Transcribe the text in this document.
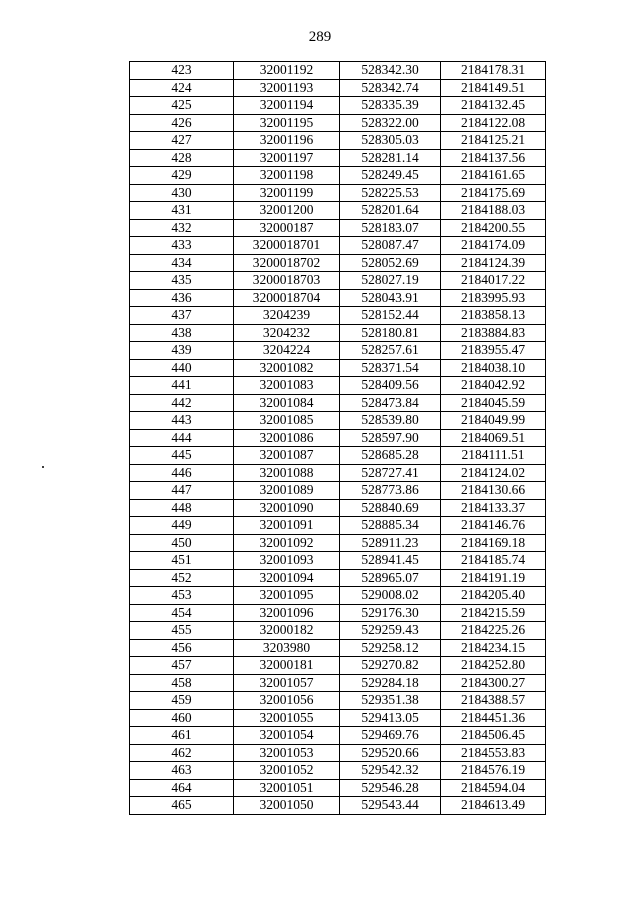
289
423	32001192	528342.30	2184178.31
424	32001193	528342.74	2184149.51
425	32001194	528335.39	2184132.45
426	32001195	528322.00	2184122.08
427	32001196	528305.03	2184125.21
428	32001197	528281.14	2184137.56
429	32001198	528249.45	2184161.65
430	32001199	528225.53	2184175.69
431	32001200	528201.64	2184188.03
432	32000187	528183.07	2184200.55
433	3200018701	528087.47	2184174.09
434	3200018702	528052.69	2184124.39
435	3200018703	528027.19	2184017.22
436	3200018704	528043.91	2183995.93
437	3204239	528152.44	2183858.13
438	3204232	528180.81	2183884.83
439	3204224	528257.61	2183955.47
440	32001082	528371.54	2184038.10
441	32001083	528409.56	2184042.92
442	32001084	528473.84	2184045.59
443	32001085	528539.80	2184049.99
444	32001086	528597.90	2184069.51
445	32001087	528685.28	2184111.51
446	32001088	528727.41	2184124.02
447	32001089	528773.86	2184130.66
448	32001090	528840.69	2184133.37
449	32001091	528885.34	2184146.76
450	32001092	528911.23	2184169.18
451	32001093	528941.45	2184185.74
452	32001094	528965.07	2184191.19
453	32001095	529008.02	2184205.40
454	32001096	529176.30	2184215.59
455	32000182	529259.43	2184225.26
456	3203980	529258.12	2184234.15
457	32000181	529270.82	2184252.80
458	32001057	529284.18	2184300.27
459	32001056	529351.38	2184388.57
460	32001055	529413.05	2184451.36
461	32001054	529469.76	2184506.45
462	32001053	529520.66	2184553.83
463	32001052	529542.32	2184576.19
464	32001051	529546.28	2184594.04
465	32001050	529543.44	2184613.49
